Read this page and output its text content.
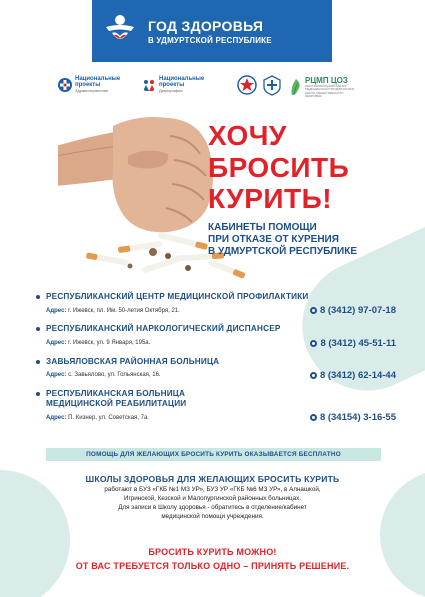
ГОД ЗДОРОВЬЯ
В УДМУРТСКОЙ РЕСПУБЛИКЕ
Национальные
проекты
Здравоохранение
Национальные
проекты
Демография
РЦМП ЦОЗ
РЕСПУБЛИКАНСКИЙ ЦЕНТР МЕДИЦИНСКОЙ ПРОФИЛАКТИКИ · ЦЕНТР ОБЩЕСТВЕННОГО ЗДОРОВЬЯ
ХОЧУ
БРОСИТЬ
КУРИТЬ!
КАБИНЕТЫ ПОМОЩИ
ПРИ ОТКАЗЕ ОТ КУРЕНИЯ
В УДМУРТСКОЙ РЕСПУБЛИКЕ
РЕСПУБЛИКАНСКИЙ ЦЕНТР МЕДИЦИНСКОЙ ПРОФИЛАКТИКИ
Адрес: г. Ижевск, пл. Им. 50-летия Октября, 21.	8 (3412) 97-07-18
РЕСПУБЛИКАНСКИЙ НАРКОЛОГИЧЕСКИЙ ДИСПАНСЕР
Адрес: г. Ижевск, ул. 9 Января, 195а.	8 (3412) 45-51-11
ЗАВЬЯЛОВСКАЯ РАЙОННАЯ БОЛЬНИЦА
Адрес: с. Завьялово, ул. Гольянская, 16.	8 (3412) 62-14-44
РЕСПУБЛИКАНСКАЯ БОЛЬНИЦА
МЕДИЦИНСКОЙ РЕАБИЛИТАЦИИ
Адрес: П. Кизнер, ул. Советская, 7а.	8 (34154) 3-16-55
ПОМОЩЬ ДЛЯ ЖЕЛАЮЩИХ БРОСИТЬ КУРИТЬ ОКАЗЫВАЕТСЯ БЕСПЛАТНО
ШКОЛЫ ЗДОРОВЬЯ ДЛЯ ЖЕЛАЮЩИХ БРОСИТЬ КУРИТЬ
работают в БУЗ «ГКБ №1 МЗ УР», БУЗ УР «ГКБ №6 МЗ УР», в Алнашкой,
Игринской, Кезской и Малопургинской районных больницах.
Для записи в Школу здоровья - обратитесь в отделение/кабинет
медицинской помощи учреждения.
БРОСИТЬ КУРИТЬ МОЖНО!
ОТ ВАС ТРЕБУЕТСЯ ТОЛЬКО ОДНО – ПРИНЯТЬ РЕШЕНИЕ.
